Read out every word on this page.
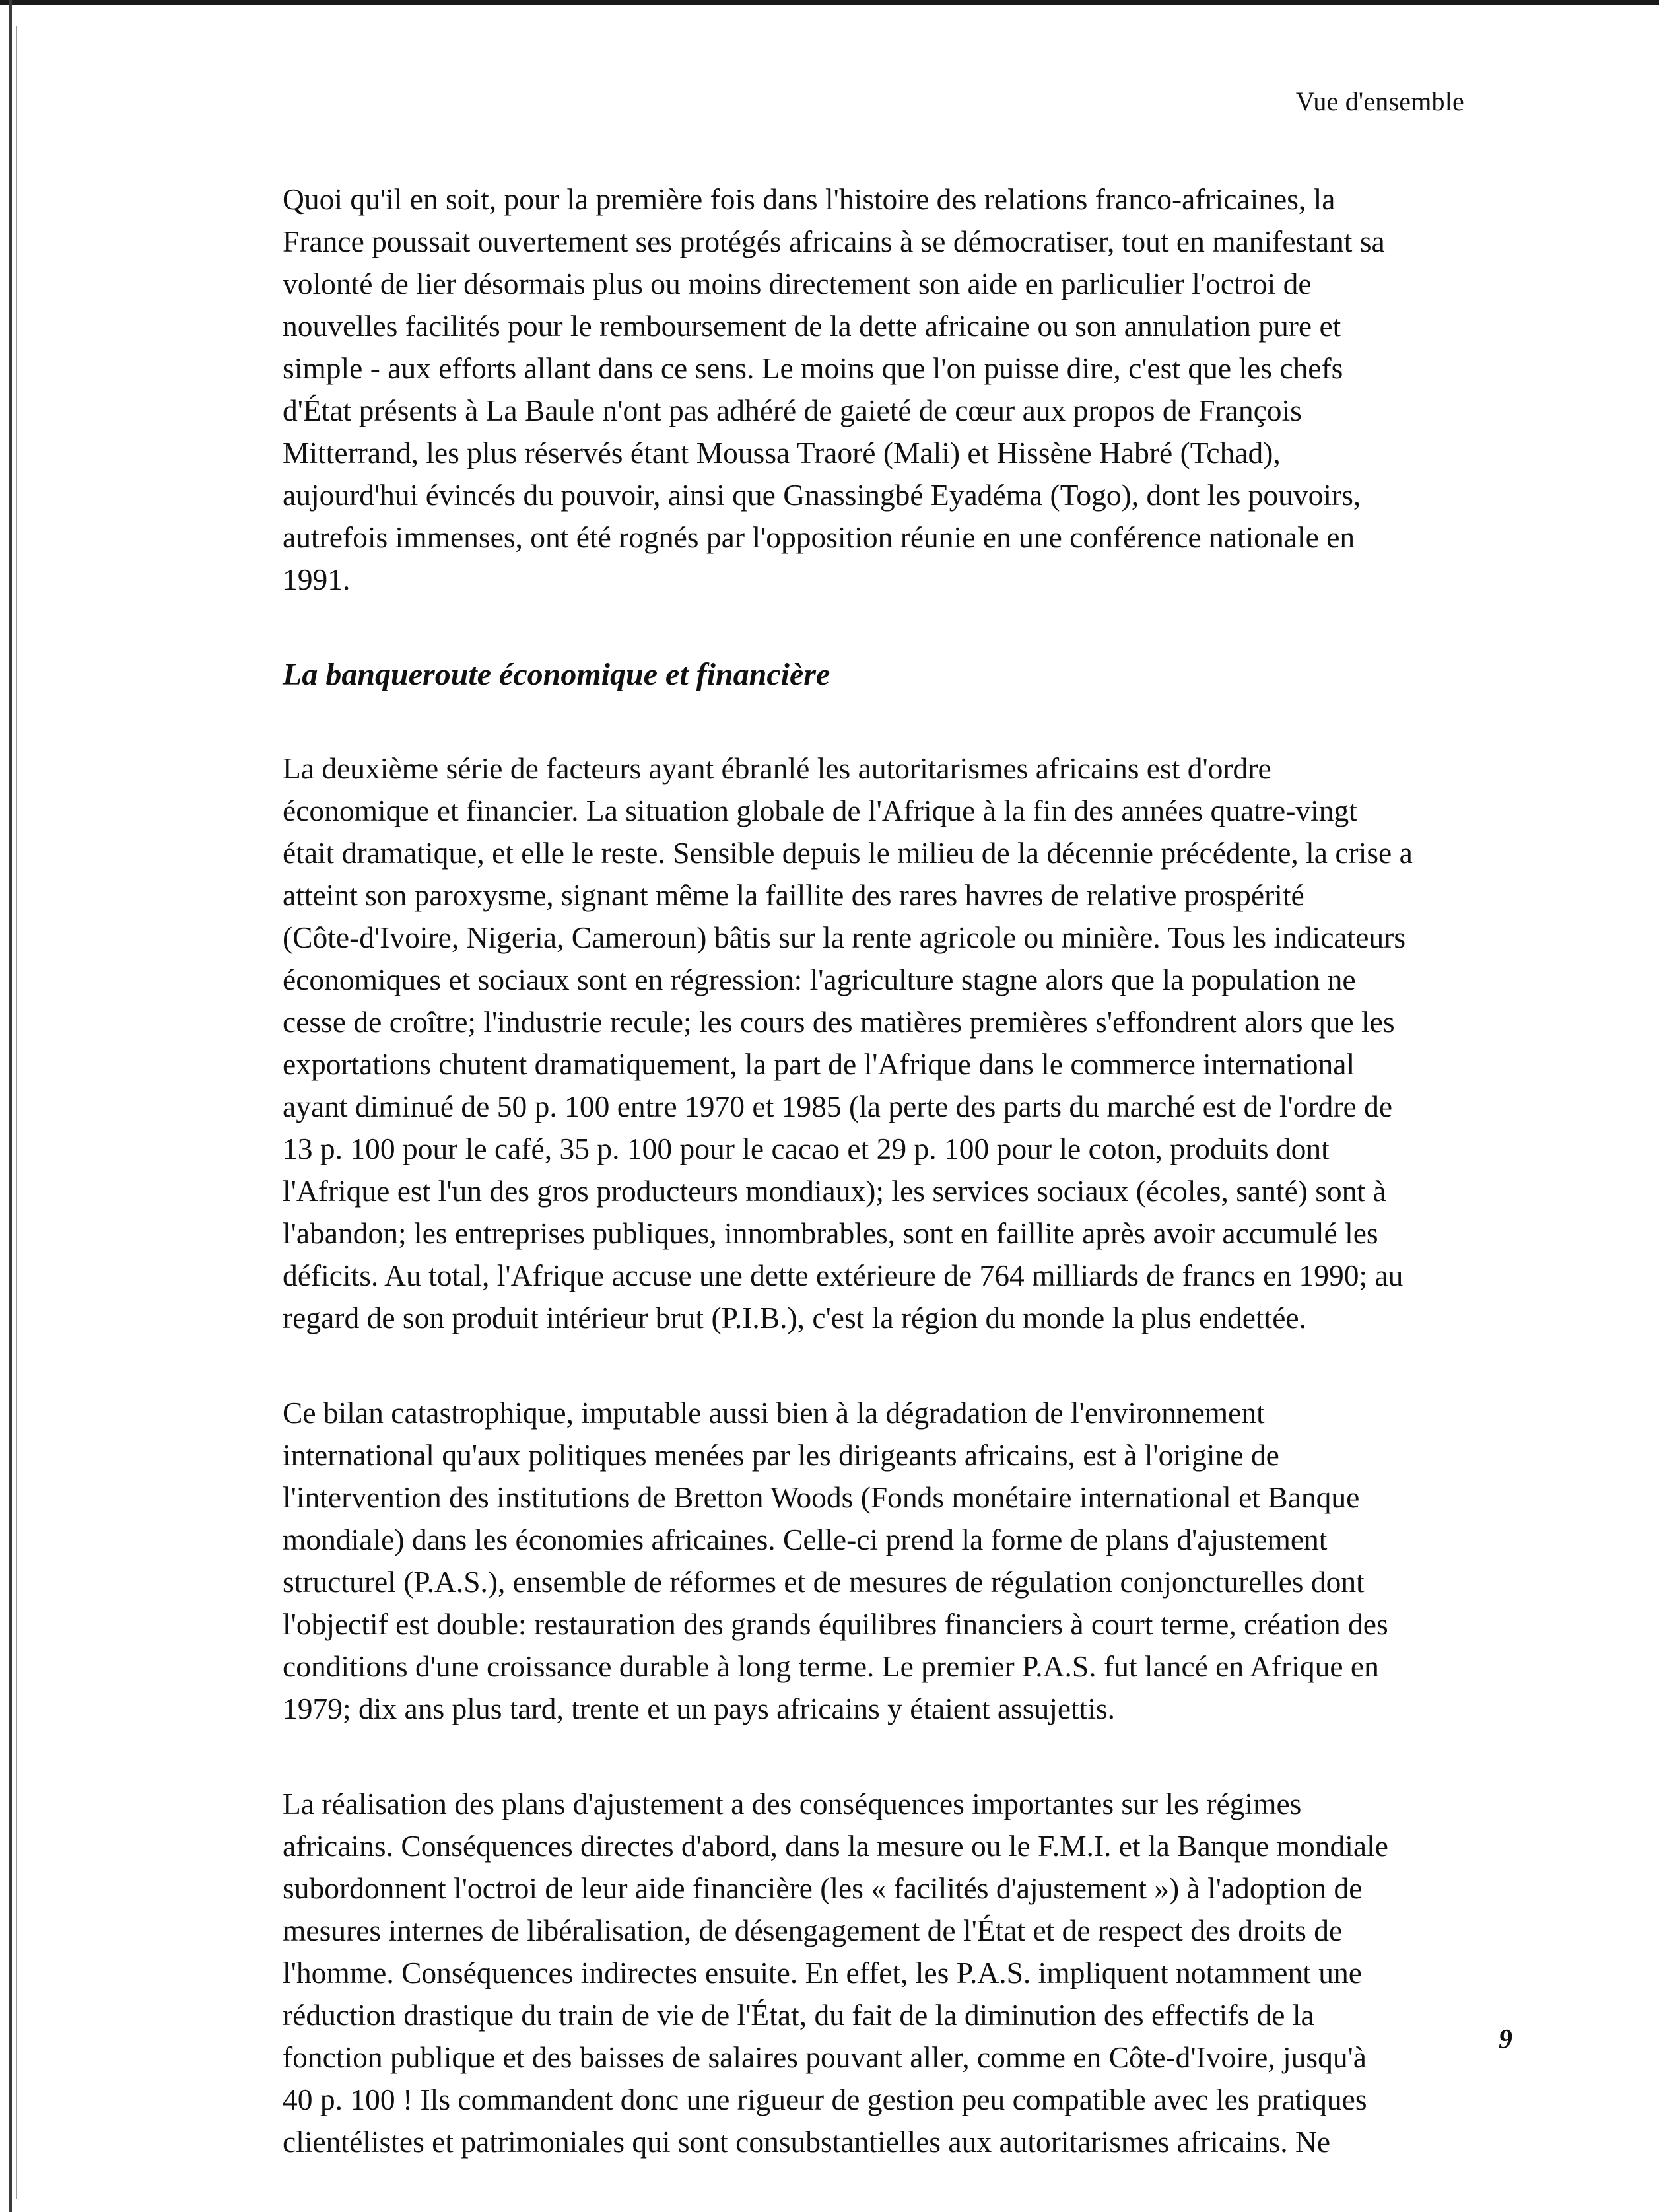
Vue d'ensemble

Quoi qu'il en soit, pour la première fois dans l'histoire des relations franco-africaines, la
France poussait ouvertement ses protégés africains à se démocratiser, tout en manifestant sa
volonté de lier désormais plus ou moins directement son aide en parliculier l'octroi de
nouvelles facilités pour le remboursement de la dette africaine ou son annulation pure et
simple - aux efforts allant dans ce sens. Le moins que l'on puisse dire, c'est que les chefs
d'État présents à La Baule n'ont pas adhéré de gaieté de cœur aux propos de François
Mitterrand, les plus réservés étant Moussa Traoré (Mali) et Hissène Habré (Tchad),
aujourd'hui évincés du pouvoir, ainsi que Gnassingbé Eyadéma (Togo), dont les pouvoirs,
autrefois immenses, ont été rognés par l'opposition réunie en une conférence nationale en
1991.

La banqueroute économique et financière

La deuxième série de facteurs ayant ébranlé les autoritarismes africains est d'ordre
économique et financier. La situation globale de l'Afrique à la fin des années quatre-vingt
était dramatique, et elle le reste. Sensible depuis le milieu de la décennie précédente, la crise a
atteint son paroxysme, signant même la faillite des rares havres de relative prospérité
(Côte-d'Ivoire, Nigeria, Cameroun) bâtis sur la rente agricole ou minière. Tous les indicateurs
économiques et sociaux sont en régression: l'agriculture stagne alors que la population ne
cesse de croître; l'industrie recule; les cours des matières premières s'effondrent alors que les
exportations chutent dramatiquement, la part de l'Afrique dans le commerce international
ayant diminué de 50 p. 100 entre 1970 et 1985 (la perte des parts du marché est de l'ordre de
13 p. 100 pour le café, 35 p. 100 pour le cacao et 29 p. 100 pour le coton, produits dont
l'Afrique est l'un des gros producteurs mondiaux); les services sociaux (écoles, santé) sont à
l'abandon; les entreprises publiques, innombrables, sont en faillite après avoir accumulé les
déficits. Au total, l'Afrique accuse une dette extérieure de 764 milliards de francs en 1990; au
regard de son produit intérieur brut (P.I.B.), c'est la région du monde la plus endettée.

Ce bilan catastrophique, imputable aussi bien à la dégradation de l'environnement
international qu'aux politiques menées par les dirigeants africains, est à l'origine de
l'intervention des institutions de Bretton Woods (Fonds monétaire international et Banque
mondiale) dans les économies africaines. Celle-ci prend la forme de plans d'ajustement
structurel (P.A.S.), ensemble de réformes et de mesures de régulation conjoncturelles dont
l'objectif est double: restauration des grands équilibres financiers à court terme, création des
conditions d'une croissance durable à long terme. Le premier P.A.S. fut lancé en Afrique en
1979; dix ans plus tard, trente et un pays africains y étaient assujettis.

La réalisation des plans d'ajustement a des conséquences importantes sur les régimes
africains. Conséquences directes d'abord, dans la mesure ou le F.M.I. et la Banque mondiale
subordonnent l'octroi de leur aide financière (les « facilités d'ajustement ») à l'adoption de
mesures internes de libéralisation, de désengagement de l'État et de respect des droits de
l'homme. Conséquences indirectes ensuite. En effet, les P.A.S. impliquent notamment une
réduction drastique du train de vie de l'État, du fait de la diminution des effectifs de la
fonction publique et des baisses de salaires pouvant aller, comme en Côte-d'Ivoire, jusqu'à
40 p. 100 ! Ils commandent donc une rigueur de gestion peu compatible avec les pratiques
clientélistes et patrimoniales qui sont consubstantielles aux autoritarismes africains. Ne

9
